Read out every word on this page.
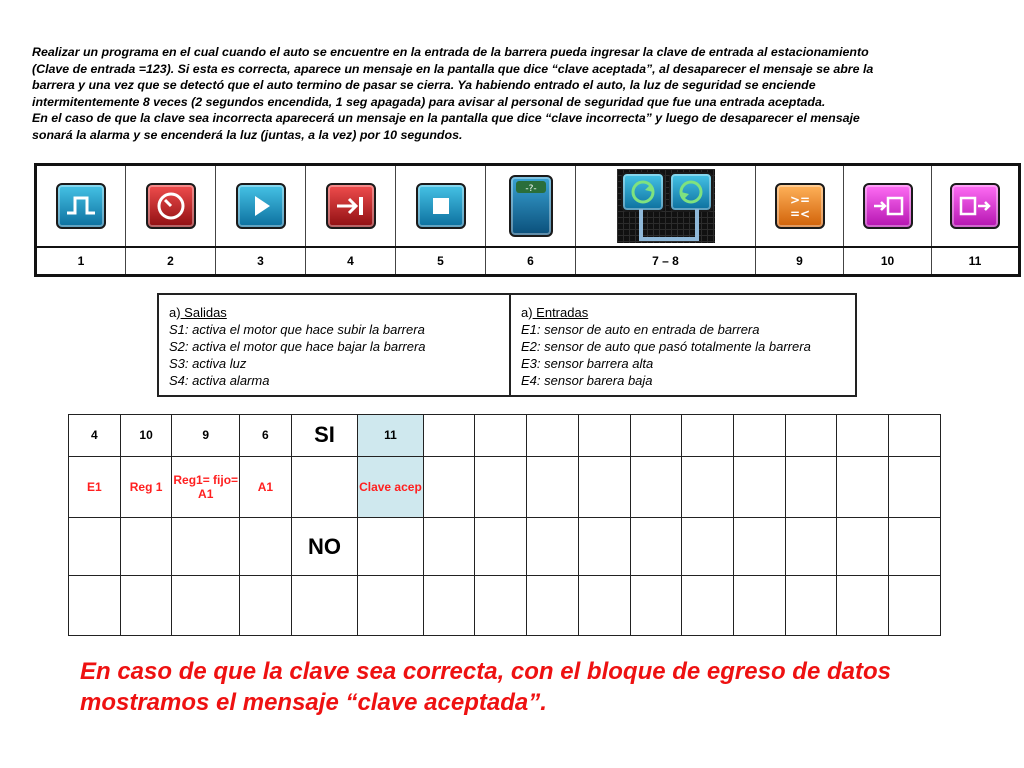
Realizar un programa en el cual cuando el auto se encuentre en la entrada de la barrera pueda ingresar la clave de entrada al estacionamiento

(Clave de entrada =123). Si esta es correcta, aparece un mensaje en la pantalla que dice “clave aceptada”, al desaparecer el mensaje se abre la

barrera y una vez que se detectó que el auto termino de pasar se cierra. Ya habiendo entrado el auto, la luz de seguridad se enciende

intermitentemente 8 veces (2 segundos encendida, 1 seg apagada) para avisar al personal de seguridad que fue una entrada aceptada.

En el caso de que la clave sea incorrecta aparecerá un mensaje en la pantalla que dice “clave incorrecta” y luego de desaparecer el mensaje

sonará la alarma y se encenderá la luz (juntas, a la vez) por 10 segundos.

-?-		>=
=<

1	2	3	4	5	6	7 – 8	9	10	11
a) Salidas
S1: activa el motor que hace subir la barrera
S2: activa el motor que hace bajar la barrera
S3: activa luz
S4: activa alarma
a) Entradas
E1: sensor de auto en entrada de barrera
E2: sensor de auto que pasó totalmente la barrera
E3: sensor barrera alta
E4: sensor barera baja
4	10	9	6	SI	11										
E1	Reg 1	Reg1= fijo= A1	A1		Clave acep										
				NO											

En caso de que la clave sea correcta, con el bloque de egreso de datos
mostramos el mensaje “clave aceptada”.
